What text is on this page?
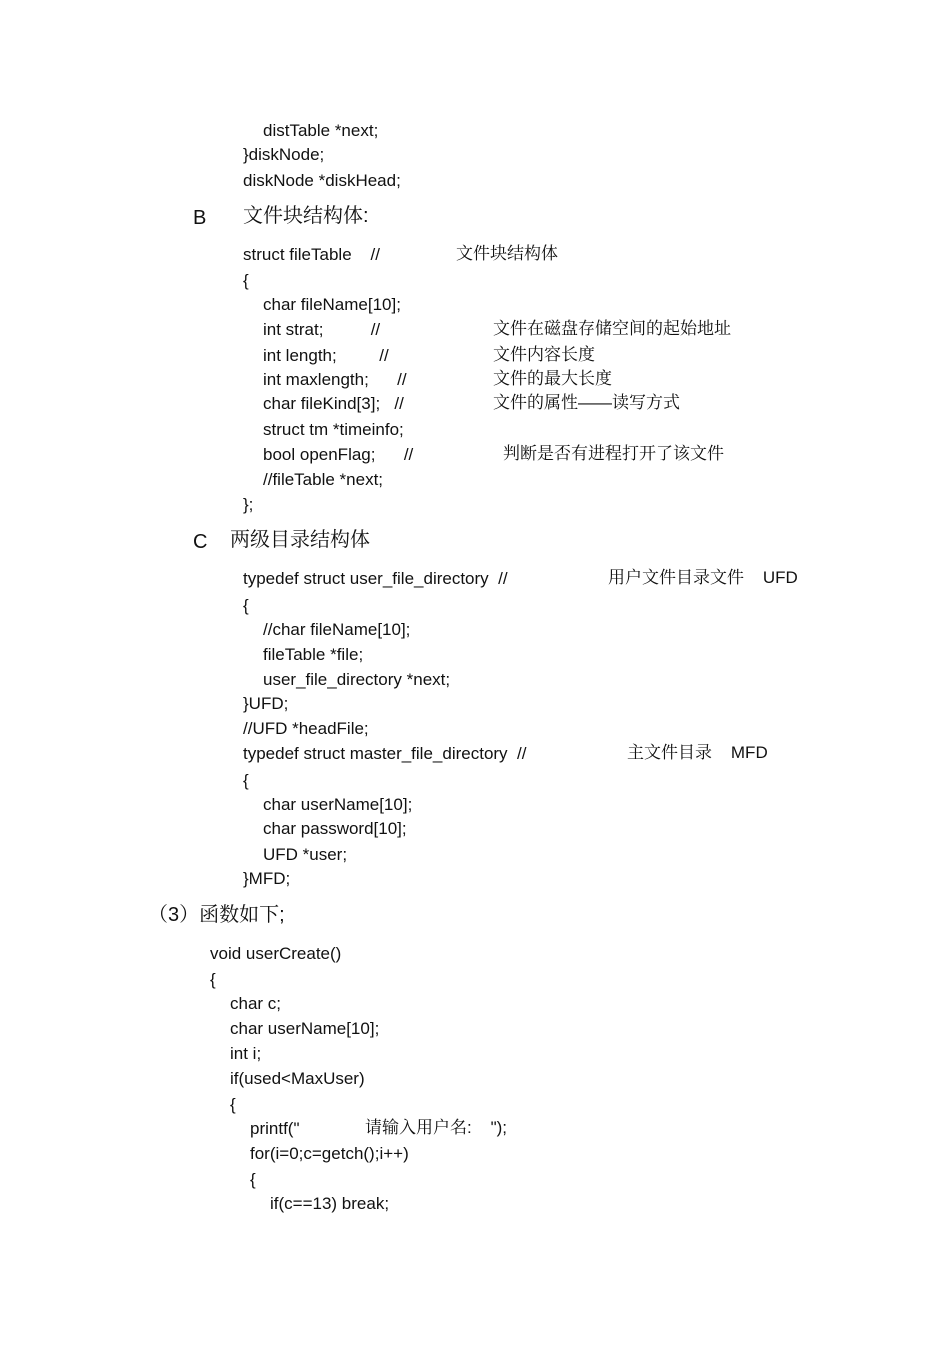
distTable *next;
}diskNode;
diskNode *diskHead;
B 文件块结构体:
struct fileTable    //	文件块结构体
{
char fileName[10];
int strat;          //	文件在磁盘存储空间的起始地址
int length;         //	文件内容长度
int maxlength;      //	文件的最大长度
char fileKind[3];   //	文件的属性——读写方式
struct tm *timeinfo;
bool openFlag;      //	判断是否有进程打开了该文件
//fileTable *next;
};
C 两级目录结构体
typedef struct user_file_directory  //	用户文件目录文件    UFD
{
//char fileName[10];
fileTable *file;
user_file_directory *next;
}UFD;
//UFD *headFile;
typedef struct master_file_directory  //	主文件目录    MFD
{
char userName[10];
char password[10];
UFD *user;
}MFD;
（3）函数如下;
void userCreate()
{
char c;
char userName[10];
int i;
if(used<MaxUser)
{
printf("	请输入用户名:    ");
for(i=0;c=getch();i++)
{
if(c==13) break;
